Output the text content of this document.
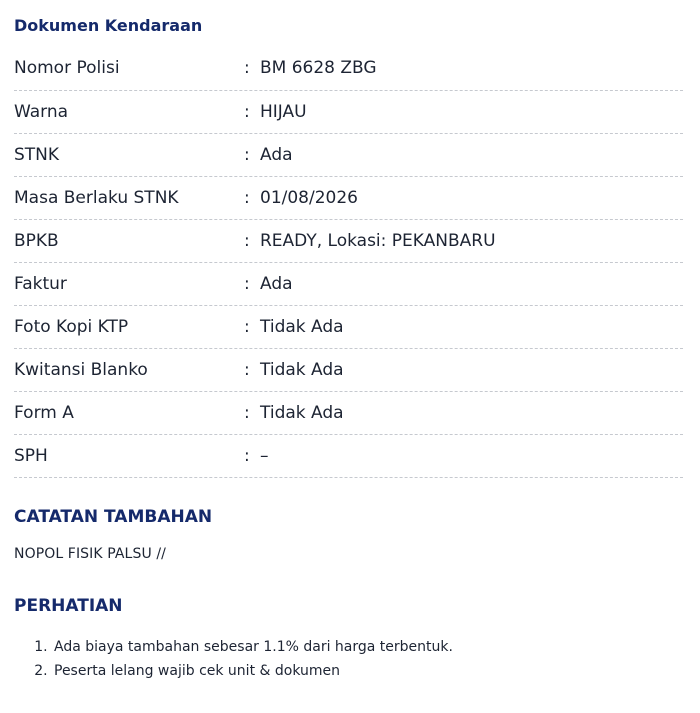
Dokumen Kendaraan
Nomor Polisi	: BM 6628 ZBG
Warna	: HIJAU
STNK	: Ada
Masa Berlaku STNK	: 01/08/2026
BPKB	: READY, Lokasi: PEKANBARU
Faktur	: Ada
Foto Kopi KTP	: Tidak Ada
Kwitansi Blanko	: Tidak Ada
Form A	: Tidak Ada
SPH	: –
CATATAN TAMBAHAN
NOPOL FISIK PALSU //
PERHATIAN
1. Ada biaya tambahan sebesar 1.1% dari harga terbentuk.
2. Peserta lelang wajib cek unit & dokumen
